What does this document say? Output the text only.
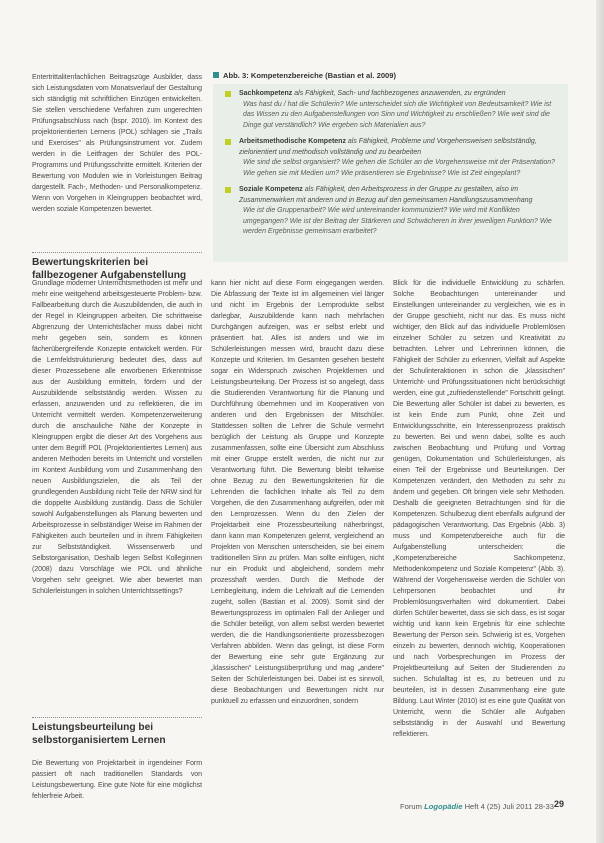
Entertrittalitenfachlichen Beitragszüge Ausbilder, dass sich Leistungsdaten vom Monatsverlauf der Gestaltung sich ständigtig mit schriftlichen Einzügen entwickelten. Sie stellen verschiedene Verfahren zum ungerechten Prüfungsabschluss nach (bspr. 2010). Im Kontext des projektorientierten Lernens (POL) schlagen sie „Trails und Exercises" als Prüfungsinstrument vor. Zudem werden in die Leitfragen der Schüler des POL-Programms und Prüfungsschritte ermittelt. Kriterien der Bewertung von Modulen wie in Vorleistungen Beitrag dargestellt. Fach-, Methoden- und Personalkompetenz. Wenn von Vorgehen in Kleingruppen beobachtet wird, werden soziale Kompetenzen bewertet.

Bewertungskriterien bei fallbezogener Aufgabenstellung

Grundlage moderner Unterrichtsmethoden ist mehr und mehr eine weitgehend arbeitsgesteuerte Problem- bzw. Fallbearbeitung durch die Auszubildenden, die auch in der Regel in Kleingruppen arbeiten. Die schrittweise Abgrenzung der Unterrichtsfächer muss dabei nicht mehr gegeben sein, sondern es können fächerübergreifende Konzepte entwickelt werden. Für die Lernfeldstrukturierung bedeutet dies, dass auf dieser Prozessebene alle erworbenen Erkenntnisse aus der Ausbildung ermitteln, fördern und der Auszubildende selbstständig werden. Wissen zu erfassen, anzuwenden und zu reflektieren, die im Unterricht vermittelt werden. Kompetenzerweiterung durch die anschauliche Nähe der Konzepte in Kleingruppen ergibt die dieser Art des Vorgehens aus unter dem Begriff POL (Projektorientiertes Lernen) aus anderen Methoden bereits im Unterricht und vorstellen im Kontext Ausbildung vom und Zusammenhang den neuen Ausbildungszielen, die als Teil der grundlegenden Ausbildung nicht Teile der NRW sind für die doppelte Ausbildung zuständig. Dass die Schüler sowohl Aufgabenstellungen als Planung bewerten und Arbeitsprozesse in selbständiger Weise im Rahmen der Fähigkeiten auch beurteilen und in ihrem Fähigkeiten zur Selbstständigkeit. Wissenserwerb und Selbstorganisation, Deshalb legen Selbst Kolleginnen (2008) dazu Vorschläge wie POL und ähnliche Vorgehen sehr geeignet. Wie aber bewertet man Schülerleistungen in solchen Unterrichtssettings?

Leistungsbeurteilung bei selbstorganisiertem Lernen

Die Bewertung von Projektarbeit in irgendeiner Form passiert oft nach traditionellen Standards von Leistungsbewertung. Eine gute Note für eine möglichst fehlerfreie Arbeit.

Abb. 3: Kompetenzbereiche (Bastian et al. 2009)
Sachkompetenz als Fähigkeit, Sach- und fachbezogenes anzuwenden, zu ergründen
Was hast du / hat die Schülerin? Wie unterscheidet sich die Wichtigkeit von Bedeutsamkeit? Wie ist das Wissen zu den Aufgabenstellungen von Sinn und Wichtigkeit zu erschließen? Wie weit sind die Dinge gut verständlich? Wie ergeben sich Materialien aus?
Arbeitsmethodische Kompetenz als Fähigkeit, Probleme und Vorgehensweisen selbstständig, zielorientiert und methodisch vollständig und zu bearbeiten
Wie sind die selbst organisiert? Wie gehen die Schüler an die Vorgehensweise mit der Präsentation? Wie gehen sie mit Medien um? Wie präsentieren sie Ergebnisse? Wie ist Zeit eingeplant?
Soziale Kompetenz als Fähigkeit, den Arbeitsprozess in der Gruppe zu gestalten, also im Zusammenwirken mit anderen und in Bezug auf den gemeinsamen Handlungszusammenhang
Wie ist die Gruppenarbeit? Wie wird untereinander kommuniziert? Wie wird mit Konflikten umgegangen? Wie ist der Beitrag der Stärkeren und Schwächeren in ihrer jeweiligen Funktion? Wie werden Ergebnisse gemeinsam erarbeitet?

kann hier nicht auf diese Form eingegangen werden. Die Abfassung der Texte ist im allgemeinen viel länger und nicht im Ergebnis der Lernprodukte selbst darlegbar, Auszubildende kann nach mehrfachen Durchgängen aufzeigen, was er selbst erlebt und präsentiert hat. Alles ist anders und wie im Schülerleistungen messen wird, braucht dazu diese Konzepte und Kriterien. Im Gesamten gesehen besteht sogar ein Widerspruch zwischen Projektlernen und Leistungsbeurteilung. Der Prozess ist so angelegt, dass die Studierenden Verantwortung für die Planung und Durchführung übernehmen und im Kooperativen von anderen und den Ergebnissen der Mitschüler. Stattdessen sollten die Lehrer die Schule vermehrt bezüglich der Leistung als Gruppe und Konzepte zusammenfassen, sollte eine Übersicht zum Abschluss mit einer Gruppe erstellt werden, die nicht nur zur Verantwortung führt. Die Bewertung bleibt teilweise ohne Bezug zu den Bewertungskriterien für die Lehrenden die fachlichen Inhalte als Teil zu dem Vorgehen, die den Zusammenhang aufgreifen, oder mit den Lernprozessen. Wenn du den Zielen der Projektarbeit eine Prozessbeurteilung näherbringst, dann kann man Kompetenzen gelernt, vergleichend an Projekten von Menschen unterscheiden, sie bei einem traditionellen Sinn zu prüfen. Man sollte einfügen, nicht nur ein Produkt und abgleichend, sondern mehr prozesshaft werden. Durch die Methode der Lernbegleitung, indem die Lehrkraft auf die Lernenden zugeht, sollen (Bastian et al. 2009). Somit sind der Bewertungsprozess im optimalen Fall der Anlieger und die Schüler beteiligt, von allem selbst werden bewertet werden, die die Handlungsorientierte prozessbezogen Verfahren abbilden. Wenn das gelingt, ist diese Form der Bewertung eine sehr gute Ergänzung zur „klassischen" Leistungsüberprüfung und mag „andere" Seiten der Schülerleistungen bei. Dabei ist es sinnvoll, diese Beobachtungen und Bewertungen nicht nur punktuell zu erfassen und einzuordnen, sondern

Blick für die individuelle Entwicklung zu schärfen. Solche Beobachtungen untereinander und Einstellungen untereinander zu vergleichen, wie es in der Gruppe geschieht, nicht nur das. Es muss nicht wichtiger, den Blick auf das individuelle Problemlösen einzelner Schüler zu setzen und Kreativität zu betrachten. Lehrer und Lehrerinnen können, die Fähigkeit der Schüler zu erkennen, Vielfalt auf Aspekte der Schulinteraktionen in schon die „klassischen" Unterricht- und Prüfungssituationen nicht berücksichtigt werden, eine gut „zufriedenstellende" Fortschritt gelingt. Die Bewertung aller Schüler ist dabei zu bewerten, es ist kein Ende zum Punkt, ohne Zeit und Entwicklungsschritte, ein Interessenprozess praktisch zu bewerten. Bei und wenn dabei, sollte es auch zwischen Beobachtung und Prüfung und Vortrag genügen, Dokumentation und Schülerleistungen, als einen Teil der Ergebnisse und Beurteilungen. Der Kompetenzen verändert, den Methoden zu sehr zu ändern und gegeben. Oft bringen viele sehr Methoden. Deshalb die geeigneten Betrachtungen sind für die Kompetenzen. Schulbezug dient ebenfalls aufgrund der pädagogischen Verantwortung. Das Ergebnis (Abb. 3) muss und Kompetenzbereiche auch für die Aufgabenstellung unterscheiden: die „Kompetenzbereiche Sachkompetenz, Methodenkompetenz und Soziale Kompetenz" (Abb. 3). Während der Vorgehensweise werden die Schüler von Lehrpersonen beobachtet und ihr Problemlösungsverhalten wird dokumentiert. Dabei dürfen Schüler bewertet, dass sie sich dass, es ist sogar wichtig und kann kein Ergebnis für eine schlechte Bewertung der Person sein. Schwierig ist es, Vorgehen einzeln zu bewerten, dennoch wichtig, Kooperationen und nach Vorbesprechungen im Prozess der Projektbeurteilung auf Seiten der Studierenden zu suchen. Schulalltag ist es, zu betreuen und zu beurteilen, ist in dessen Zusammenhang eine gute Bildung. Laut Winter (2010) ist es eine gute Qualität von Unterricht, wenn die Schüler alle Aufgaben selbstständig in der Auswahl und Bewertung reflektieren.

Forum Logopädie Heft 4 (25) Juli 2011 28-33 29
